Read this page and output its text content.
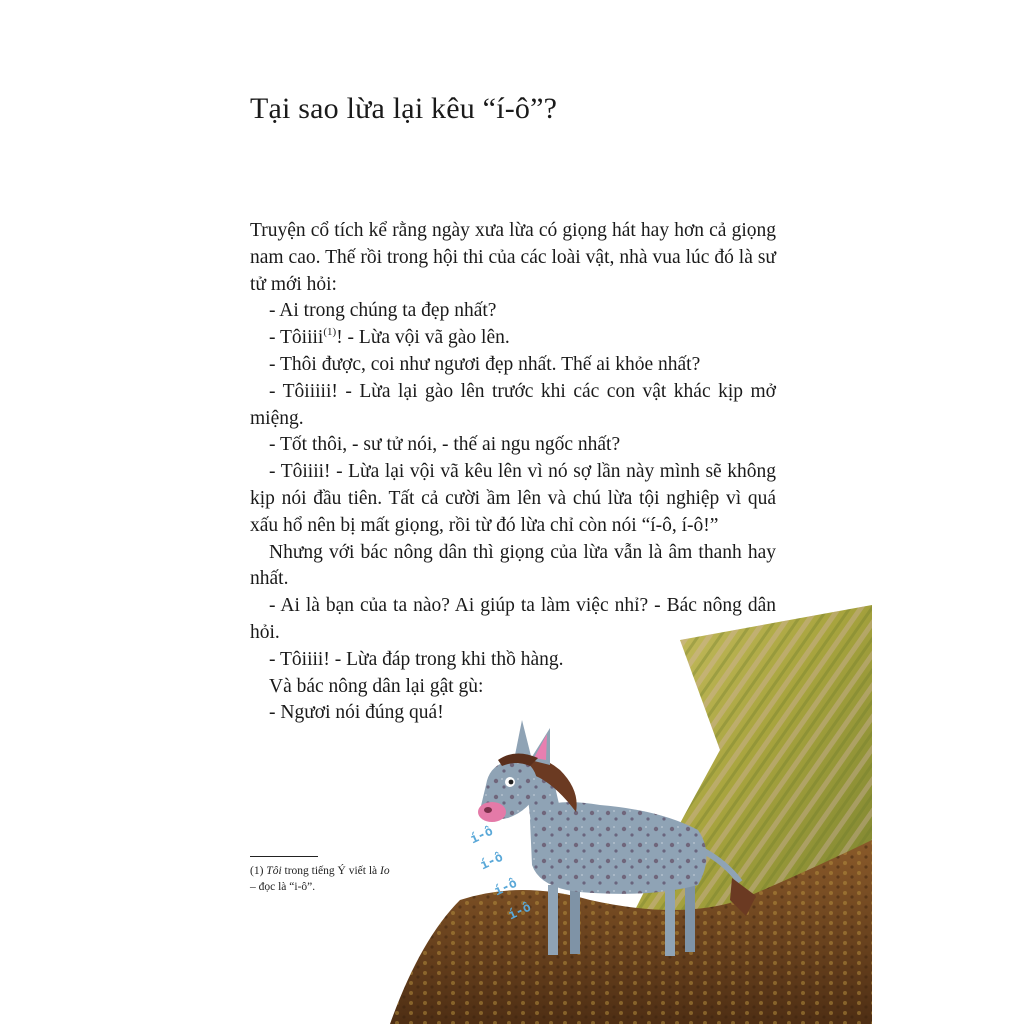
Tại sao lừa lại kêu “í-ô”?

Truyện cổ tích kể rằng ngày xưa lừa có giọng hát hay hơn cả giọng nam cao. Thế rồi trong hội thi của các loài vật, nhà vua lúc đó là sư tử mới hỏi:

- Ai trong chúng ta đẹp nhất?

- Tôiiii$^{(1)}$! - Lừa vội vã gào lên.

- Thôi được, coi như ngươi đẹp nhất. Thế ai khỏe nhất?

- Tôiiiii! - Lừa lại gào lên trước khi các con vật khác kịp mở miệng.

- Tốt thôi, - sư tử nói, - thế ai ngu ngốc nhất?

- Tôiiii! - Lừa lại vội vã kêu lên vì nó sợ lần này mình sẽ không kịp nói đầu tiên. Tất cả cười ầm lên và chú lừa tội nghiệp vì quá xấu hổ nên bị mất giọng, rồi từ đó lừa chỉ còn nói “í-ô, í-ô!”

Nhưng với bác nông dân thì giọng của lừa vẫn là âm thanh hay nhất.

- Ai là bạn của ta nào? Ai giúp ta làm việc nhỉ? - Bác nông dân hỏi.

- Tôiiii! - Lừa đáp trong khi thồ hàng.

Và bác nông dân lại gật gù:

- Ngươi nói đúng quá!

(1) Tôi trong tiếng Ý viết là Io
– đọc là “i-ô”.
í-ô
í-ô
í-ô
í-ô
